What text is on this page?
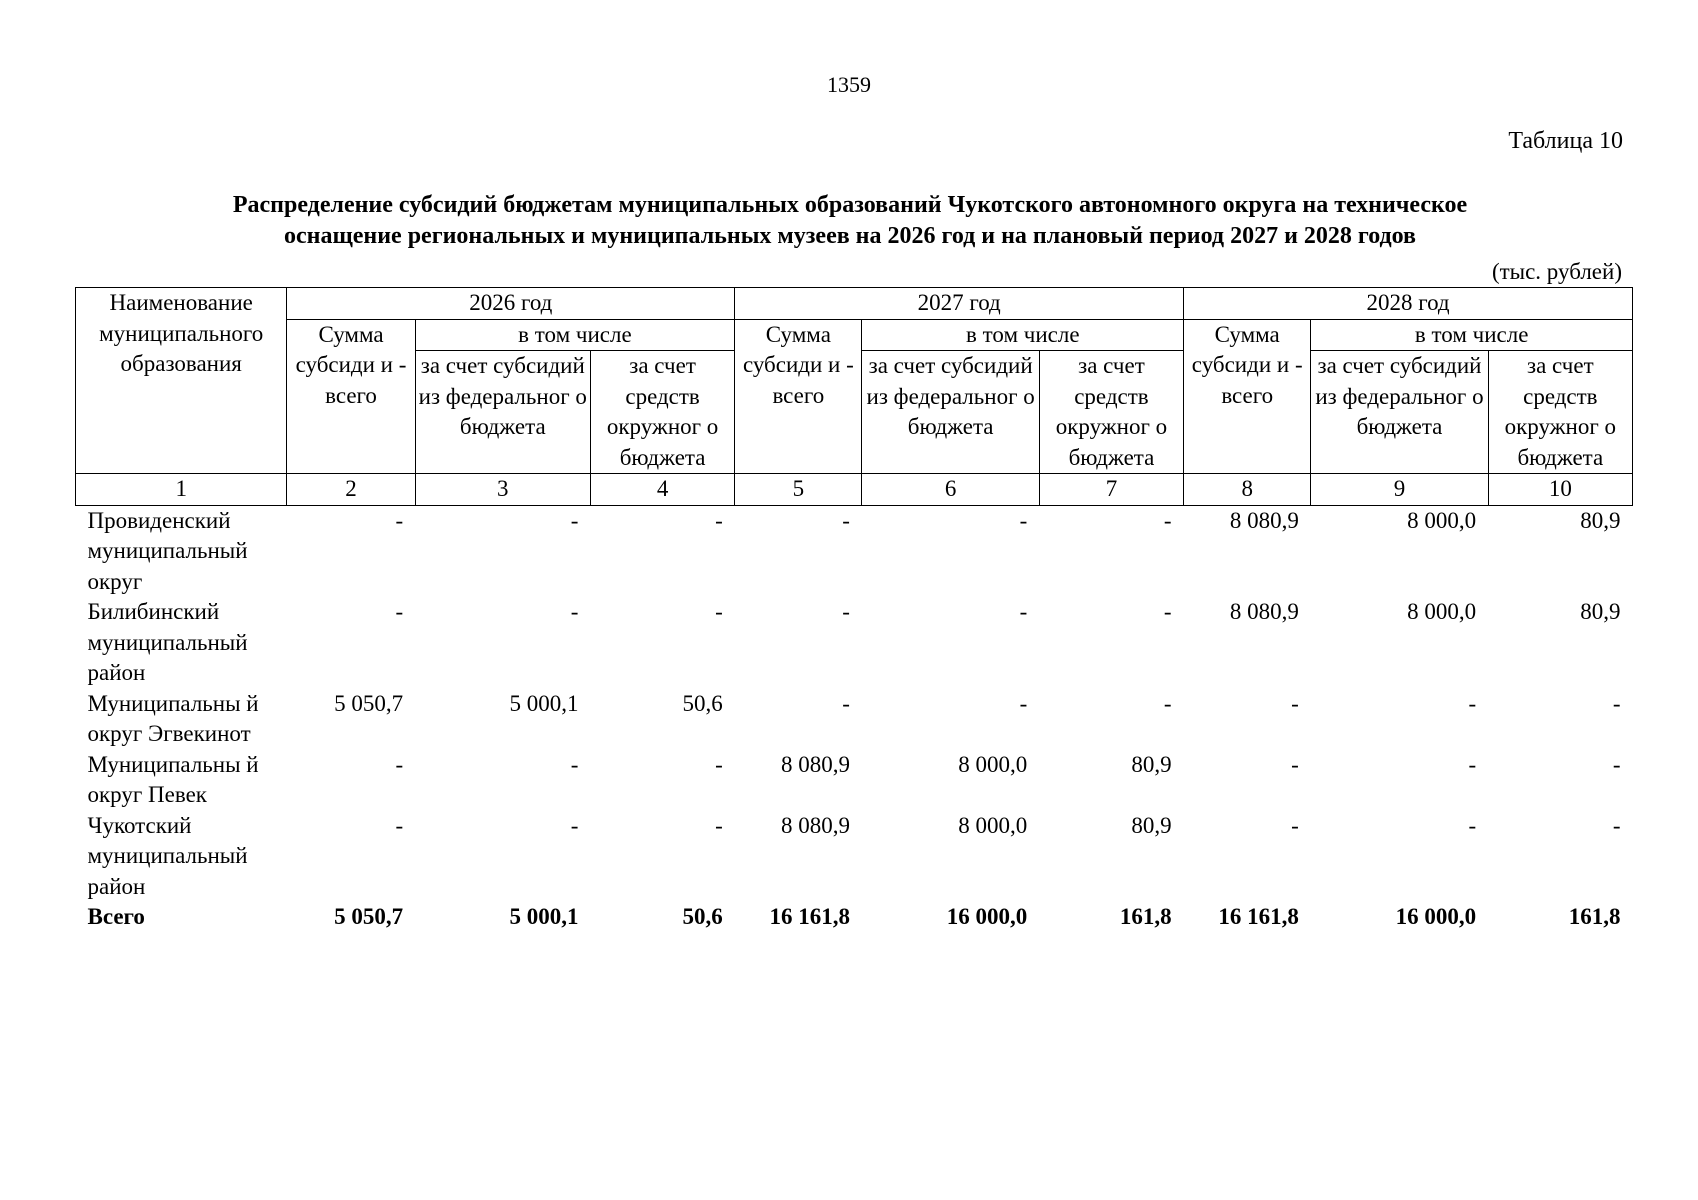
1359
Таблица 10
Распределение субсидий бюджетам муниципальных образований Чукотского автономного округа на техническое
оснащение региональных и муниципальных музеев на 2026 год и на плановый период 2027 и 2028 годов
(тыс. рублей)
Наименование муниципального образования	2026 год			2027 год			2028 год		
	Сумма субсиди и - всего	в том числе		Сумма субсиди и - всего	в том числе		Сумма субсиди и - всего	в том числе	
		за счет субсидий из федеральног о бюджета	за счет средств окружног о бюджета		за счет субсидий из федеральног о бюджета	за счет средств окружног о бюджета		за счет субсидий из федеральног о бюджета	за счет средств окружног о бюджета
1	2	3	4	5	6	7	8	9	10
Провиденский муниципальный округ	-	-	-	-	-	-	8 080,9	8 000,0	80,9
Билибинский муниципальный район	-	-	-	-	-	-	8 080,9	8 000,0	80,9
Муниципальны й округ Эгвекинот	5 050,7	5 000,1	50,6	-	-	-	-	-	-
Муниципальны й округ Певек	-	-	-	8 080,9	8 000,0	80,9	-	-	-
Чукотский муниципальный район	-	-	-	8 080,9	8 000,0	80,9	-	-	-
Всего	5 050,7	5 000,1	50,6	16 161,8	16 000,0	161,8	16 161,8	16 000,0	161,8
